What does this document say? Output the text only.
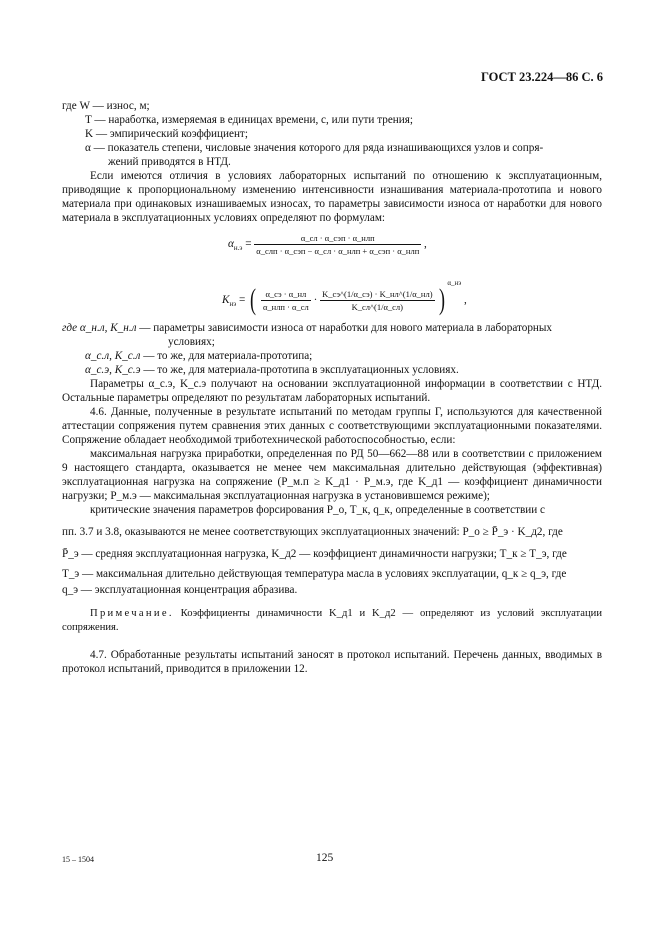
ГОСТ 23.224—86 С. 6
где W — износ, м;
T — наработка, измеряемая в единицах времени, с, или пути трения;
K — эмпирический коэффициент;
α — показатель степени, числовые значения которого для ряда изнашивающихся узлов и сопря-
жений приводятся в НТД.
Если имеются отличия в условиях лабораторных испытаний по отношению к эксплуатационным, приводящие к пропорциональному изменению интенсивности изнашивания материала-прототипа и нового материала при одинаковых изнашиваемых износах, то параметры зависимости износа от наработки для нового материала в эксплуатационных условиях определяют по формулам:
$\alpha_{н.э} = \frac{\text{α\_сл · α\_сэп · α\_нлп}}{\text{α\_слп · α\_сэп − α\_сл · α\_нлп + α\_сэп · α\_нлп}}$ ,
$K_{нэ}$ = ( $\frac{\alpha\_сэ \cdot \alpha\_нл}{\text{α\_нлп · α\_сл}} \cdot \frac{K\_сэ\^{}(1/\alpha\_сэ) \cdot K\_нл\^{}(1/\alpha\_нл)}{K\_сл\^{}(1/\alpha\_сл)} )^{\alpha\_нэ}$ ,
где α_н.л, K_н.л — параметры зависимости износа от наработки для нового материала в лабораторных
условиях;
α_с.л, K_с.л — то же, для материала-прототипа;
α_с.э, K_с.э — то же, для материала-прототипа в эксплуатационных условиях.
Параметры α_с.э, K_с.э получают на основании эксплуатационной информации в соответствии с НТД. Остальные параметры определяют по результатам лабораторных испытаний.
4.6. Данные, полученные в результате испытаний по методам группы Г, используются для качественной аттестации сопряжения путем сравнения этих данных с соответствующими эксплуатационными показателями. Сопряжение обладает необходимой триботехнической работоспособностью, если:
максимальная нагрузка приработки, определенная по РД 50—662—88 или в соответствии с приложением 9 настоящего стандарта, оказывается не менее чем максимальная длительно действующая (эффективная) эксплуатационная нагрузка на сопряжение (P_м.п ≥ K_д1 · P_м.э, где K_д1 — коэффициент динамичности нагрузки; P_м.э — максимальная эксплуатационная нагрузка в установившемся режиме);
критические значения параметров форсирования P_о, T_к, q_к, определенные в соответствии с
пп. 3.7 и 3.8, оказываются не менее соответствующих эксплуатационных значений: P_о ≥ P̄_э · K_д2, где
P̄_э — средняя эксплуатационная нагрузка, K_д2 — коэффициент динамичности нагрузки; T_к ≥ T_э, где
T_э — максимальная длительно действующая температура масла в условиях эксплуатации, q_к ≥ q_э, где
q_э — эксплуатационная концентрация абразива.
Примечание. Коэффициенты динамичности K_д1 и K_д2 — определяют из условий эксплуатации сопряжения.
4.7. Обработанные результаты испытаний заносят в протокол испытаний. Перечень данных, вводимых в протокол испытаний, приводится в приложении 12.
15 – 1504	125
